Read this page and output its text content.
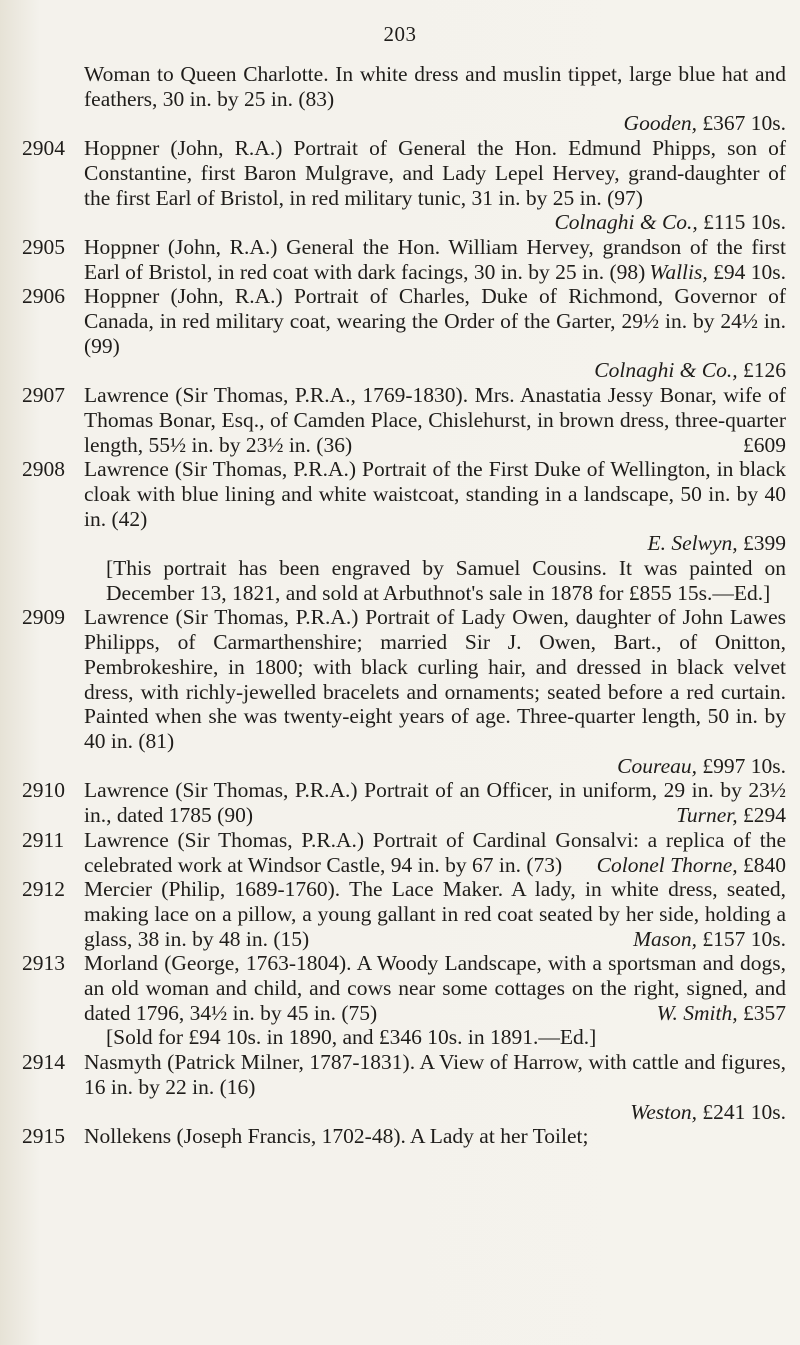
203
Woman to Queen Charlotte. In white dress and muslin tippet, large blue hat and feathers, 30 in. by 25 in. (83)
Gooden, £367 10s.
2904 Hoppner (John, R.A.) Portrait of General the Hon. Edmund Phipps, son of Constantine, first Baron Mulgrave, and Lady Lepel Hervey, grand-daughter of the first Earl of Bristol, in red military tunic, 31 in. by 25 in. (97)
Colnaghi & Co., £115 10s.
2905 Hoppner (John, R.A.) General the Hon. William Hervey, grandson of the first Earl of Bristol, in red coat with dark facings, 30 in. by 25 in. (98) Wallis, £94 10s.
2906 Hoppner (John, R.A.) Portrait of Charles, Duke of Richmond, Governor of Canada, in red military coat, wearing the Order of the Garter, 29½ in. by 24½ in. (99)
Colnaghi & Co., £126
2907 Lawrence (Sir Thomas, P.R.A., 1769-1830). Mrs. Anastatia Jessy Bonar, wife of Thomas Bonar, Esq., of Camden Place, Chislehurst, in brown dress, three-quarter length, 55½ in. by 23½ in. (36)	£609
2908 Lawrence (Sir Thomas, P.R.A.) Portrait of the First Duke of Wellington, in black cloak with blue lining and white waistcoat, standing in a landscape, 50 in. by 40 in. (42)
E. Selwyn, £399
[This portrait has been engraved by Samuel Cousins. It was painted on December 13, 1821, and sold at Arbuthnot's sale in 1878 for £855 15s.—Ed.]
2909 Lawrence (Sir Thomas, P.R.A.) Portrait of Lady Owen, daughter of John Lawes Philipps, of Carmarthenshire; married Sir J. Owen, Bart., of Onitton, Pembrokeshire, in 1800; with black curling hair, and dressed in black velvet dress, with richly-jewelled bracelets and ornaments; seated before a red curtain. Painted when she was twenty-eight years of age. Three-quarter length, 50 in. by 40 in. (81)
Coureau, £997 10s.
2910 Lawrence (Sir Thomas, P.R.A.) Portrait of an Officer, in uniform, 29 in. by 23½ in., dated 1785 (90)	Turner, £294
2911 Lawrence (Sir Thomas, P.R.A.) Portrait of Cardinal Gonsalvi: a replica of the celebrated work at Windsor Castle, 94 in. by 67 in. (73) Colonel Thorne, £840
2912 Mercier (Philip, 1689-1760). The Lace Maker. A lady, in white dress, seated, making lace on a pillow, a young gallant in red coat seated by her side, holding a glass, 38 in. by 48 in. (15)	Mason, £157 10s.
2913 Morland (George, 1763-1804). A Woody Landscape, with a sportsman and dogs, an old woman and child, and cows near some cottages on the right, signed, and dated 1796, 34½ in. by 45 in. (75)	W. Smith, £357
[Sold for £94 10s. in 1890, and £346 10s. in 1891.—Ed.]
2914 Nasmyth (Patrick Milner, 1787-1831). A View of Harrow, with cattle and figures, 16 in. by 22 in. (16)
Weston, £241 10s.
2915 Nollekens (Joseph Francis, 1702-48). A Lady at her Toilet;
